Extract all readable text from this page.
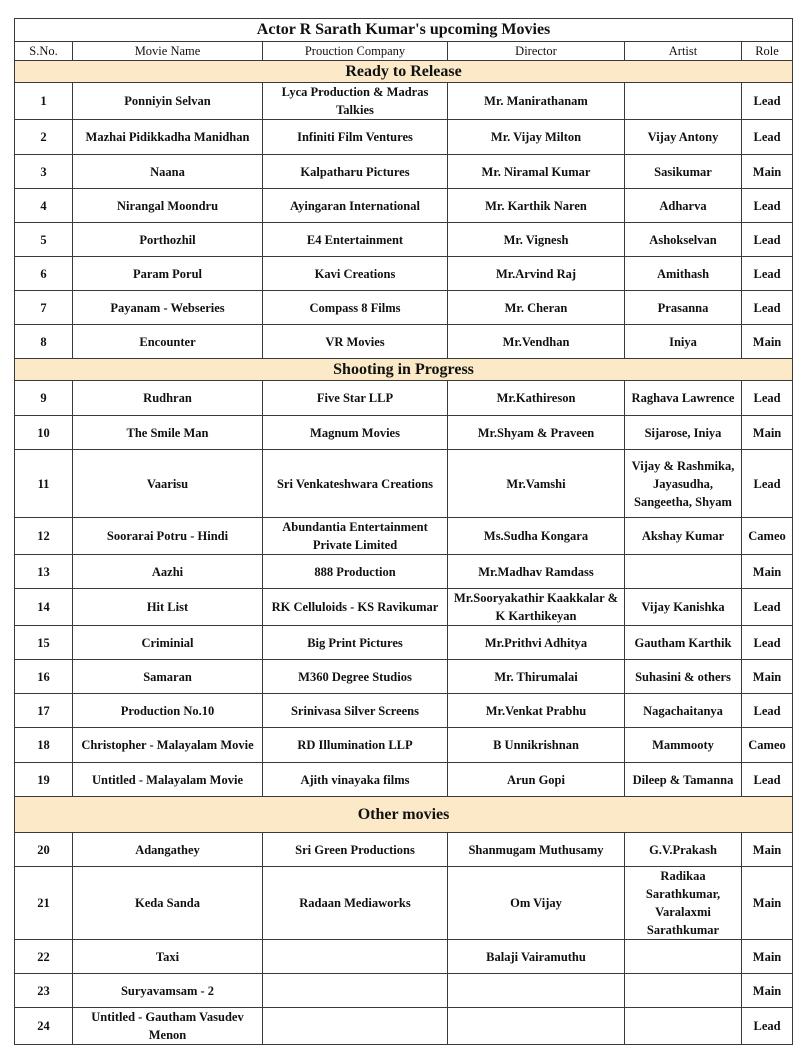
Actor R Sarath Kumar's upcoming Movies					
S.No.	Movie Name	Prouction Company	Director	Artist	Role
Ready to Release					
1	Ponniyin Selvan	Lyca Production & Madras Talkies	Mr. Manirathanam		Lead
2	Mazhai Pidikkadha Manidhan	Infiniti Film Ventures	Mr. Vijay Milton	Vijay Antony	Lead
3	Naana	Kalpatharu Pictures	Mr. Niramal Kumar	Sasikumar	Main
4	Nirangal Moondru	Ayingaran International	Mr. Karthik Naren	Adharva	Lead
5	Porthozhil	E4 Entertainment	Mr. Vignesh	Ashokselvan	Lead
6	Param Porul	Kavi Creations	Mr.Arvind Raj	Amithash	Lead
7	Payanam - Webseries	Compass 8 Films	Mr. Cheran	Prasanna	Lead
8	Encounter	VR Movies	Mr.Vendhan	Iniya	Main
Shooting in Progress					
9	Rudhran	Five Star LLP	Mr.Kathireson	Raghava Lawrence	Lead
10	The Smile Man	Magnum Movies	Mr.Shyam & Praveen	Sijarose, Iniya	Main
11	Vaarisu	Sri Venkateshwara Creations	Mr.Vamshi	Vijay & Rashmika, Jayasudha, Sangeetha, Shyam	Lead
12	Soorarai Potru - Hindi	Abundantia Entertainment Private Limited	Ms.Sudha Kongara	Akshay Kumar	Cameo
13	Aazhi	888 Production	Mr.Madhav Ramdass		Main
14	Hit List	RK Celluloids - KS Ravikumar	Mr.Sooryakathir Kaakkalar & K Karthikeyan	Vijay Kanishka	Lead
15	Criminial	Big Print Pictures	Mr.Prithvi Adhitya	Gautham Karthik	Lead
16	Samaran	M360 Degree Studios	Mr. Thirumalai	Suhasini & others	Main
17	Production No.10	Srinivasa Silver Screens	Mr.Venkat Prabhu	Nagachaitanya	Lead
18	Christopher - Malayalam Movie	RD Illumination LLP	B Unnikrishnan	Mammooty	Cameo
19	Untitled - Malayalam Movie	Ajith vinayaka films	Arun Gopi	Dileep & Tamanna	Lead
Other movies					
20	Adangathey	Sri Green Productions	Shanmugam Muthusamy	G.V.Prakash	Main
21	Keda Sanda	Radaan Mediaworks	Om Vijay	Radikaa Sarathkumar, Varalaxmi Sarathkumar	Main
22	Taxi		Balaji Vairamuthu		Main
23	Suryavamsam - 2				Main
24	Untitled - Gautham Vasudev Menon				Lead
